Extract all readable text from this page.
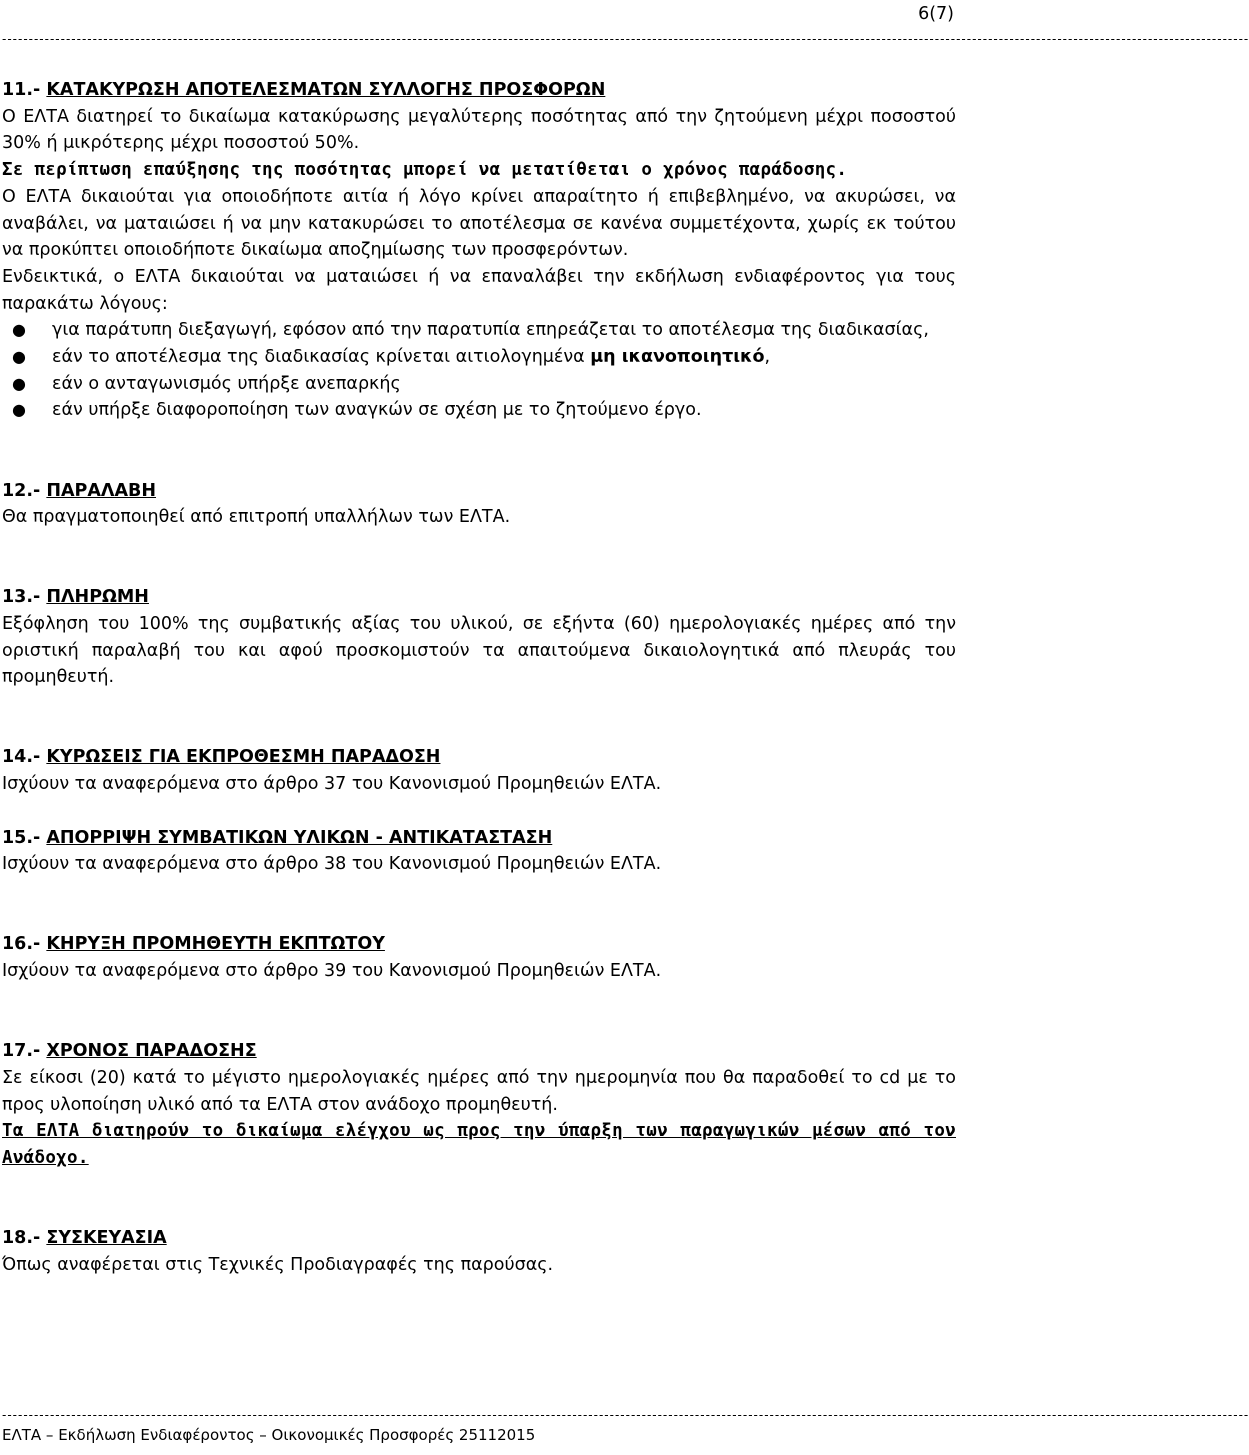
6(7)
------------------------------------------------------------------------------------------------------------------------------------------------------------------------------------------------------------------------------------------

11.- ΚΑΤΑΚΥΡΩΣΗ ΑΠΟΤΕΛΕΣΜΑΤΩΝ ΣΥΛΛΟΓΗΣ ΠΡΟΣΦΟΡΩΝ

Ο ΕΛΤΑ διατηρεί το δικαίωμα κατακύρωσης μεγαλύτερης ποσότητας από την ζητούμενη μέχρι ποσοστού 30% ή μικρότερης μέχρι ποσοστού 50%.

Σε περίπτωση επαύξησης της ποσότητας μπορεί να μετατίθεται ο χρόνος παράδοσης.

Ο ΕΛΤΑ δικαιούται για οποιοδήποτε αιτία ή λόγο κρίνει απαραίτητο ή επιβεβλημένο, να ακυρώσει, να αναβάλει, να ματαιώσει ή να μην κατακυρώσει το αποτέλεσμα σε κανένα συμμετέχοντα, χωρίς εκ τούτου να προκύπτει οποιοδήποτε δικαίωμα αποζημίωσης των προσφερόντων.

Ενδεικτικά, ο ΕΛΤΑ δικαιούται να ματαιώσει ή να επαναλάβει την εκδήλωση ενδιαφέροντος για τους παρακάτω λόγους:

● για παράτυπη διεξαγωγή, εφόσον από την παρατυπία επηρεάζεται το αποτέλεσμα της διαδικασίας,
● εάν το αποτέλεσμα της διαδικασίας κρίνεται αιτιολογημένα μη ικανοποιητικό,
● εάν ο ανταγωνισμός υπήρξε ανεπαρκής
● εάν υπήρξε διαφοροποίηση των αναγκών σε σχέση με το ζητούμενο έργο.

12.- ΠΑΡΑΛΑΒΗ

Θα πραγματοποιηθεί από επιτροπή υπαλλήλων των ΕΛΤΑ.

13.- ΠΛΗΡΩΜΗ

Εξόφληση του 100% της συμβατικής αξίας του υλικού, σε εξήντα (60) ημερολογιακές ημέρες από την οριστική παραλαβή του και αφού προσκομιστούν τα απαιτούμενα δικαιολογητικά από πλευράς του προμηθευτή.

14.- ΚΥΡΩΣΕΙΣ ΓΙΑ ΕΚΠΡΟΘΕΣΜΗ ΠΑΡΑΔΟΣΗ

Ισχύουν τα αναφερόμενα στο άρθρο 37 του Κανονισμού Προμηθειών ΕΛΤΑ.

15.- ΑΠΟΡΡΙΨΗ ΣΥΜΒΑΤΙΚΩΝ ΥΛΙΚΩΝ - ΑΝΤΙΚΑΤΑΣΤΑΣΗ

Ισχύουν τα αναφερόμενα στο άρθρο 38 του Κανονισμού Προμηθειών ΕΛΤΑ.

16.- ΚΗΡΥΞΗ ΠΡΟΜΗΘΕΥΤΗ ΕΚΠΤΩΤΟΥ

Ισχύουν τα αναφερόμενα στο άρθρο 39 του Κανονισμού Προμηθειών ΕΛΤΑ.

17.- ΧΡΟΝΟΣ ΠΑΡΑΔΟΣΗΣ

Σε είκοσι (20) κατά το μέγιστο ημερολογιακές ημέρες από την ημερομηνία που θα παραδοθεί το cd με το προς υλοποίηση υλικό από τα ΕΛΤΑ στον ανάδοχο προμηθευτή.

Τα ΕΛΤΑ διατηρούν το δικαίωμα ελέγχου ως προς την ύπαρξη των παραγωγικών μέσων από τον Ανάδοχο.

18.- ΣΥΣΚΕΥΑΣΙΑ

Όπως αναφέρεται στις Τεχνικές Προδιαγραφές της παρούσας.

------------------------------------------------------------------------------------------------------------------------------------------------------------------------------------------------------------------------------------------
ΕΛΤΑ – Εκδήλωση Ενδιαφέροντος – Οικονομικές Προσφορές 25112015
